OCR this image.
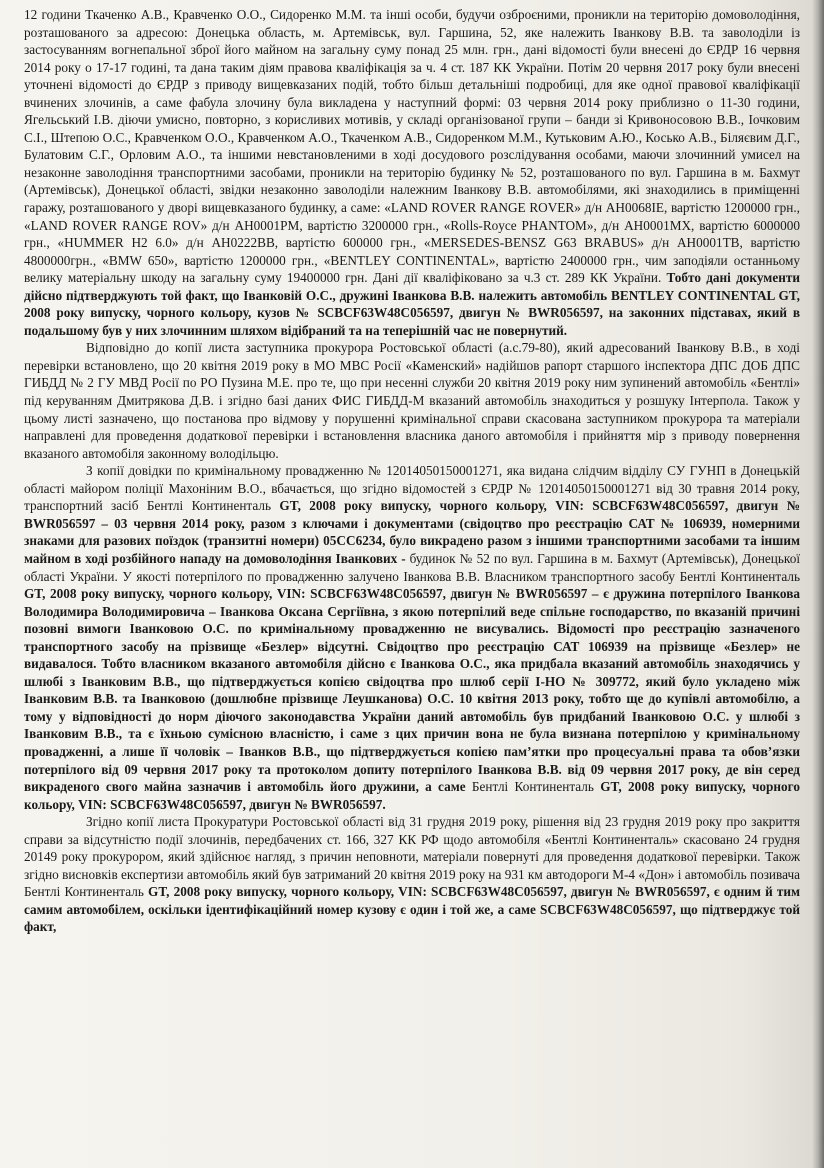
12 години Ткаченко А.В., Кравченко О.О., Сидоренко М.М. та інші особи, будучи озброєними, проникли на територію домоволодіння, розташованого за адресою: Донецька область, м. Артемівськ, вул. Гаршина, 52, яке належить Іванкову В.В. та заволоділи із застосуванням вогнепальної зброї його майном на загальну суму понад 25 млн. грн., дані відомості були внесені до ЄРДР 16 червня 2014 року о 17-17 годині, та дана таким діям правова кваліфікація за ч. 4 ст. 187 КК України. Потім 20 червня 2017 року були внесені уточнені відомості до ЄРДР з приводу вищевказаних подій, тобто більш детальніші подробиці, для яке одної правової кваліфікації вчинених злочинів, а саме фабула злочину була викладена у наступний формі: 03 червня 2014 року приблизно о 11-30 години, Ягельський І.В. діючи умисно, повторно, з корисливих мотивів, у складі організованої групи – банди зі Кривоносовою В.В., Іочковим С.І., Штепою О.С., Кравченком О.О., Кравченком А.О., Ткаченком А.В., Сидоренком М.М., Кутьковим А.Ю., Косько А.В., Біляєвим Д.Г., Булатовим С.Г., Орловим А.О., та іншими невстановленими в ході досудового розслідування особами, маючи злочинний умисел на незаконне заволодіння транспортними засобами, проникли на територію будинку № 52, розташованого по вул. Гаршина в м. Бахмут (Артемівськ), Донецької області, звідки незаконно заволоділи належним Іванкову В.В. автомобілями, які знаходились в приміщенні гаражу, розташованого у дворі вищевказаного будинку, а саме: «LAND ROVER RANGE ROVER» д/н АН0068ІЕ, вартістю 1200000 грн., «LAND ROVER RANGE ROV» д/н АН0001РМ, вартістю 3200000 грн., «Rolls-Royce PHANTOM», д/н АН0001МХ, вартістю 6000000 грн., «HUMMER H2 6.0» д/н АН0222ВВ, вартістю 600000 грн., «MERSEDES-BENSZ G63 BRABUS» д/н АН0001ТВ, вартістю 4800000грн., «BMW 650», вартістю 1200000 грн., «BENTLEY CONTINENTAL», вартістю 2400000 грн., чим заподіяли останньому велику матеріальну шкоду на загальну суму 19400000 грн. Дані дії кваліфіковано за ч.3 ст. 289 КК України. Тобто дані документи дійсно підтверджують той факт, що Іванковій О.С., дружині Іванкова В.В. належить автомобіль BENTLEY CONTINENTAL GT, 2008 року випуску, чорного кольору, кузов № SCBCF63W48C056597, двигун № BWR056597, на законних підставах, який в подальшому був у них злочинним шляхом відібраний та на теперішній час не повернутий.

Відповідно до копії листа заступника прокурора Ростовської області (а.с.79-80), який адресований Іванкову В.В., в ході перевірки встановлено, що 20 квітня 2019 року в МО МВС Росії «Каменский» надійшов рапорт старшого інспектора ДПС ДОБ ДПС ГИБДД № 2 ГУ МВД Росії по РО Пузина М.Е. про те, що при несенні служби 20 квітня 2019 року ним зупинений автомобіль «Бентлі» під керуванням Дмитрякова Д.В. і згідно базі даних ФИС ГИБДД-М вказаний автомобіль знаходиться у розшуку Інтерпола. Також у цьому листі зазначено, що постанова про відмову у порушенні кримінальної справи скасована заступником прокурора та матеріали направлені для проведення додаткової перевірки і встановлення власника даного автомобіля і прийняття мір з приводу повернення вказаного автомобіля законному володільцю.

З копії довідки по кримінальному провадженню № 12014050150001271, яка видана слідчим відділу СУ ГУНП в Донецькій області майором поліції Махоніним В.О., вбачається, що згідно відомостей з ЄРДР № 12014050150001271 від 30 травня 2014 року, транспортний засіб Бентлі Континенталь GT, 2008 року випуску, чорного кольору, VIN: SCBCF63W48C056597, двигун № BWR056597 – 03 червня 2014 року, разом з ключами і документами (свідоцтво про реєстрацію САТ № 106939, номерними знаками для разових поїздок (транзитні номери) 05СС6234, було викрадено разом з іншими транспортними засобами та іншим майном в ході розбійного нападу на домоволодіння Іванкових - будинок № 52 по вул. Гаршина в м. Бахмут (Артемівськ), Донецької області України. У якості потерпілого по провадженню залучено Іванкова В.В. Власником транспортного засобу Бентлі Континенталь GT, 2008 року випуску, чорного кольору, VIN: SCBCF63W48C056597, двигун № BWR056597 – є дружина потерпілого Іванкова Володимира Володимировича – Іванкова Оксана Сергіївна, з якою потерпілий веде спільне господарство, по вказаній причині позовні вимоги Іванковою О.С. по кримінальному провадженню не висувались. Відомості про реєстрацію зазначеного транспортного засобу на прізвище «Безлер» відсутні. Свідоцтво про реєстрацію САТ 106939 на прізвище «Безлер» не видавалося. Тобто власником вказаного автомобіля дійсно є Іванкова О.С., яка придбала вказаний автомобіль знаходячись у шлюбі з Іванковим В.В., що підтверджується копією свідоцтва про шлюб серії І-НО № 309772, який було укладено між Іванковим В.В. та Іванковою (дошлюбне прізвище Леушканова) О.С. 10 квітня 2013 року, тобто ще до купівлі автомобілю, а тому у відповідності до норм діючого законодавства України даний автомобіль був придбаний Іванковою О.С. у шлюбі з Іванковим В.В., та є їхньою сумісною власністю, і саме з цих причин вона не була визнана потерпілою у кримінальному провадженні, а лише її чоловік – Іванков В.В., що підтверджується копією пам’ятки про процесуальні права та обов’язки потерпілого від 09 червня 2017 року та протоколом допиту потерпілого Іванкова В.В. від 09 червня 2017 року, де він серед викраденого свого майна зазначив і автомобіль його дружини, а саме Бентлі Континенталь GT, 2008 року випуску, чорного кольору, VIN: SCBCF63W48C056597, двигун № BWR056597.

Згідно копії листа Прокуратури Ростовської області від 31 грудня 2019 року, рішення від 23 грудня 2019 року про закриття справи за відсутністю події злочинів, передбачених ст. 166, 327 КК РФ щодо автомобіля «Бентлі Континенталь» скасовано 24 грудня 20149 року прокурором, який здійснює нагляд, з причин неповноти, матеріали повернуті для проведення додаткової перевірки. Також згідно висновків експертизи автомобіль який був затриманий 20 квітня 2019 року на 931 км автодороги М-4 «Дон» і автомобіль позивача Бентлі Континенталь GT, 2008 року випуску, чорного кольору, VIN: SCBCF63W48C056597, двигун № BWR056597, є одним й тим самим автомобілем, оскільки ідентифікаційний номер кузову є один і той же, а саме SCBCF63W48C056597, що підтверджує той факт,
